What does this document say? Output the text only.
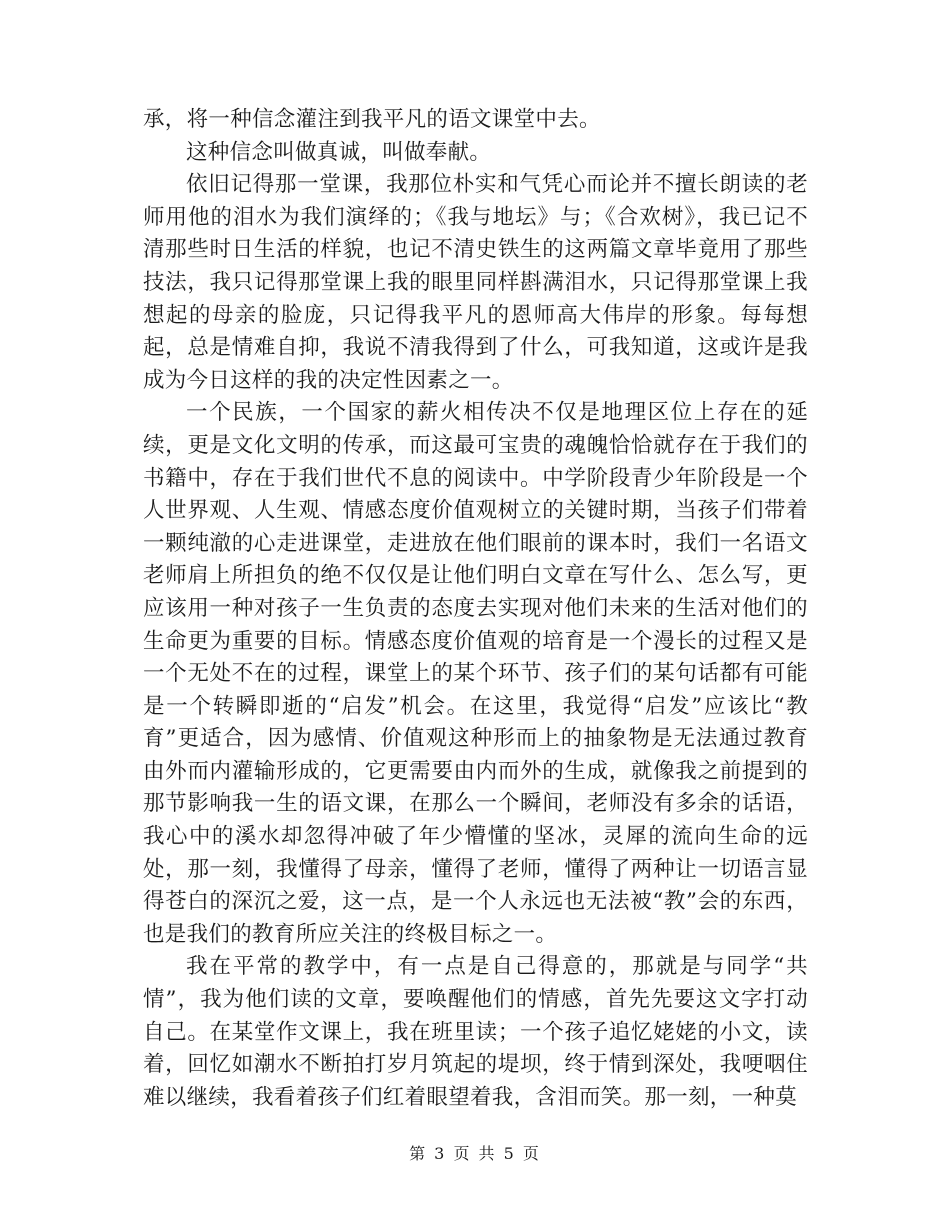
承，将一种信念灌注到我平凡的语文课堂中去。

这种信念叫做真诚，叫做奉献。

依旧记得那一堂课，我那位朴实和气凭心而论并不擅长朗读的老师用他的泪水为我们演绎的；《我与地坛》与；《合欢树》，我已记不清那些时日生活的样貌，也记不清史铁生的这两篇文章毕竟用了那些技法，我只记得那堂课上我的眼里同样斟满泪水，只记得那堂课上我想起的母亲的脸庞，只记得我平凡的恩师高大伟岸的形象。每每想起，总是情难自抑，我说不清我得到了什么，可我知道，这或许是我成为今日这样的我的决定性因素之一。

一个民族，一个国家的薪火相传决不仅是地理区位上存在的延续，更是文化文明的传承，而这最可宝贵的魂魄恰恰就存在于我们的书籍中，存在于我们世代不息的阅读中。中学阶段青少年阶段是一个人世界观、人生观、情感态度价值观树立的关键时期，当孩子们带着一颗纯澈的心走进课堂，走进放在他们眼前的课本时，我们一名语文老师肩上所担负的绝不仅仅是让他们明白文章在写什么、怎么写，更应该用一种对孩子一生负责的态度去实现对他们未来的生活对他们的生命更为重要的目标。情感态度价值观的培育是一个漫长的过程又是一个无处不在的过程，课堂上的某个环节、孩子们的某句话都有可能是一个转瞬即逝的“启发”机会。在这里，我觉得“启发”应该比“教育”更适合，因为感情、价值观这种形而上的抽象物是无法通过教育由外而内灌输形成的，它更需要由内而外的生成，就像我之前提到的那节影响我一生的语文课，在那么一个瞬间，老师没有多余的话语，我心中的溪水却忽得冲破了年少懵懂的坚冰，灵犀的流向生命的远处，那一刻，我懂得了母亲，懂得了老师，懂得了两种让一切语言显得苍白的深沉之爱，这一点，是一个人永远也无法被“教”会的东西，也是我们的教育所应关注的终极目标之一。

我在平常的教学中，有一点是自己得意的，那就是与同学“共情”，我为他们读的文章，要唤醒他们的情感，首先先要这文字打动自己。在某堂作文课上，我在班里读；一个孩子追忆姥姥的小文，读着，回忆如潮水不断拍打岁月筑起的堤坝，终于情到深处，我哽咽住难以继续，我看着孩子们红着眼望着我，含泪而笑。那一刻，一种莫

第 3 页 共 5 页
